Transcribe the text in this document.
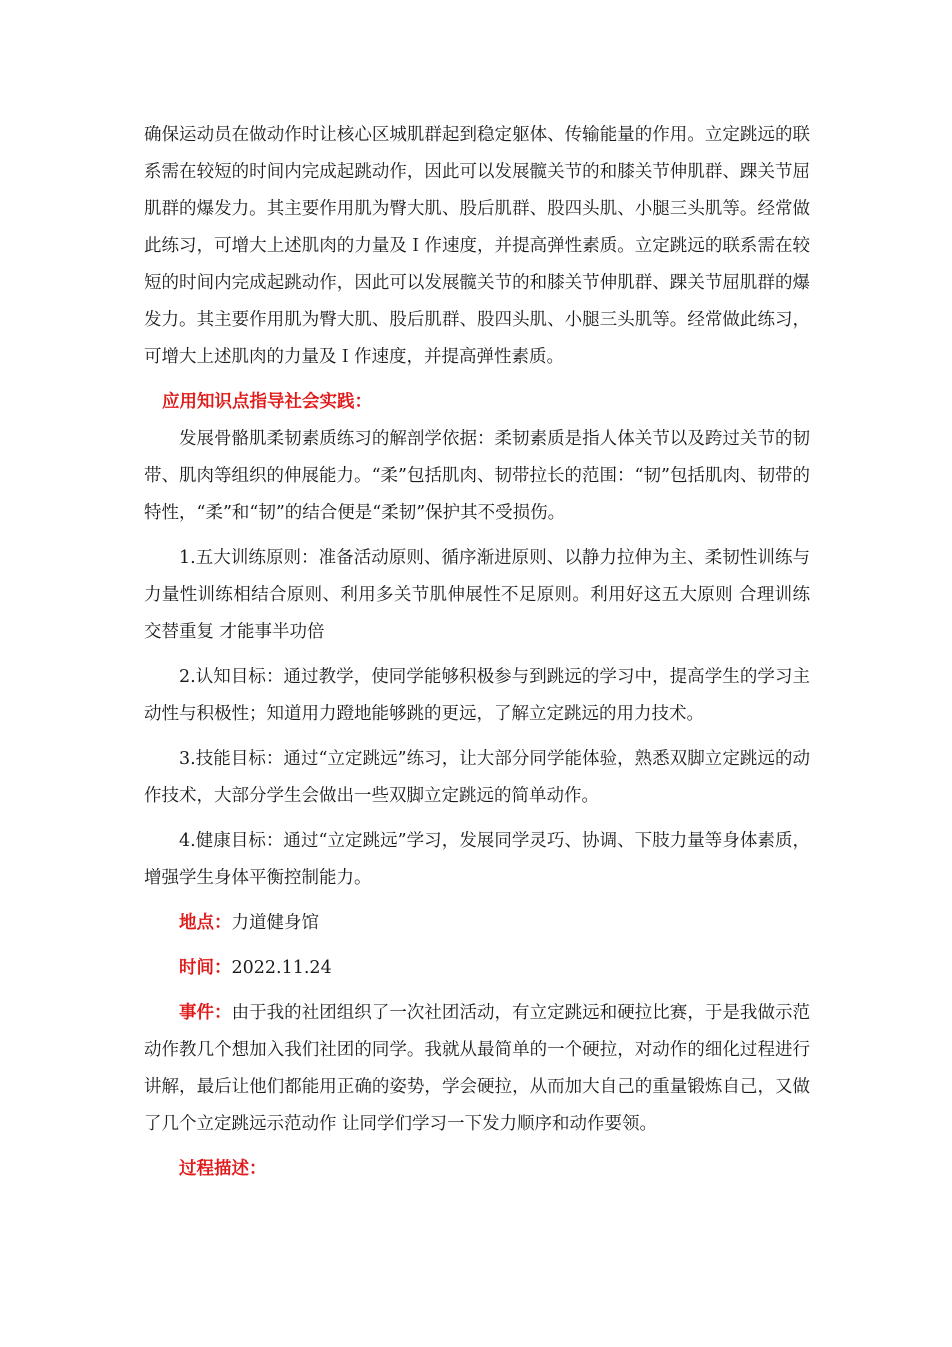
确保运动员在做动作时让核心区城肌群起到稳定躯体、传输能量的作用。立定跳远的联系需在较短的时间内完成起跳动作，因此可以发展髋关节的和膝关节伸肌群、踝关节屈肌群的爆发力。其主要作用肌为臀大肌、股后肌群、股四头肌、小腿三头肌等。经常做此练习，可增大上述肌肉的力量及Ｉ作速度，并提高弹性素质。立定跳远的联系需在较短的时间内完成起跳动作，因此可以发展髋关节的和膝关节伸肌群、踝关节屈肌群的爆发力。其主要作用肌为臀大肌、股后肌群、股四头肌、小腿三头肌等。经常做此练习，可增大上述肌肉的力量及Ｉ作速度，并提高弹性素质。

应用知识点指导社会实践：

发展骨骼肌柔韧素质练习的解剖学依据：柔韧素质是指人体关节以及跨过关节的韧带、肌肉等组织的伸展能力。“柔”包括肌肉、韧带拉长的范围：“韧”包括肌肉、韧带的特性，“柔”和“韧”的结合便是“柔韧”保护其不受损伤。

1.五大训练原则：准备活动原则、循序渐进原则、以静力拉伸为主、柔韧性训练与力量性训练相结合原则、利用多关节肌伸展性不足原则。利用好这五大原则 合理训练 交替重复 才能事半功倍

2.认知目标：通过教学，使同学能够积极参与到跳远的学习中，提高学生的学习主动性与积极性；知道用力蹬地能够跳的更远，了解立定跳远的用力技术。

3.技能目标：通过“立定跳远”练习，让大部分同学能体验，熟悉双脚立定跳远的动作技术，大部分学生会做出一些双脚立定跳远的简单动作。

4.健康目标：通过“立定跳远”学习，发展同学灵巧、协调、下肢力量等身体素质，增强学生身体平衡控制能力。

地点：力道健身馆

时间：2022.11.24

事件：由于我的社团组织了一次社团活动，有立定跳远和硬拉比赛，于是我做示范动作教几个想加入我们社团的同学。我就从最简单的一个硬拉，对动作的细化过程进行讲解，最后让他们都能用正确的姿势，学会硬拉，从而加大自己的重量锻炼自己，又做了几个立定跳远示范动作 让同学们学习一下发力顺序和动作要领。

过程描述：
